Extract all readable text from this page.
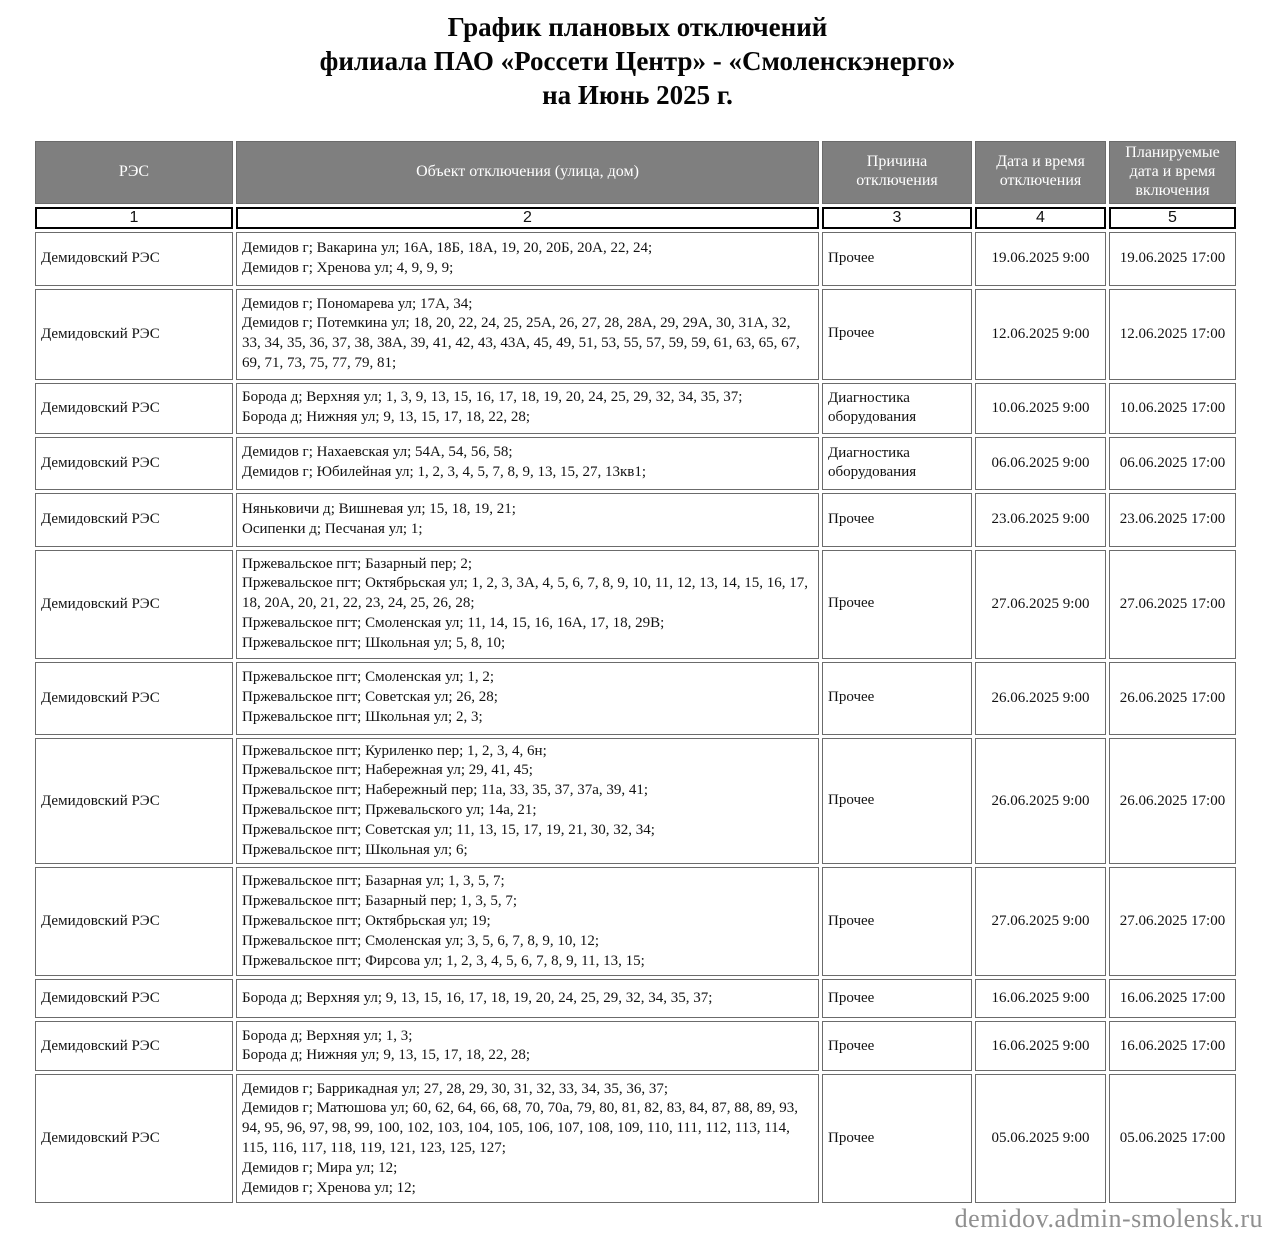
График плановых отключений
филиала ПАО «Россети Центр» - «Смоленскэнерго»
на Июнь 2025 г.
РЭС	Объект отключения (улица, дом)	Причина отключения	Дата и время отключения	Планируемые дата и время включения
1	2	3	4	5
Демидовский РЭС	Демидов г; Вакарина ул; 16А, 18Б, 18А, 19, 20, 20Б, 20А, 22, 24;
Демидов г; Хренова ул; 4, 9, 9, 9;	Прочее	19.06.2025 9:00	19.06.2025 17:00
Демидовский РЭС	Демидов г; Пономарева ул; 17А, 34;
Демидов г; Потемкина ул; 18, 20, 22, 24, 25, 25А, 26, 27, 28, 28А, 29, 29А, 30, 31А, 32, 33, 34, 35, 36, 37, 38, 38А, 39, 41, 42, 43, 43А, 45, 49, 51, 53, 55, 57, 59, 59, 61, 63, 65, 67, 69, 71, 73, 75, 77, 79, 81;	Прочее	12.06.2025 9:00	12.06.2025 17:00
Демидовский РЭС	Борода д; Верхняя ул; 1, 3, 9, 13, 15, 16, 17, 18, 19, 20, 24, 25, 29, 32, 34, 35, 37;
Борода д; Нижняя ул; 9, 13, 15, 17, 18, 22, 28;	Диагностика оборудования	10.06.2025 9:00	10.06.2025 17:00
Демидовский РЭС	Демидов г; Нахаевская ул; 54А, 54, 56, 58;
Демидов г; Юбилейная ул; 1, 2, 3, 4, 5, 7, 8, 9, 13, 15, 27, 13кв1;	Диагностика оборудования	06.06.2025 9:00	06.06.2025 17:00
Демидовский РЭС	Няньковичи д; Вишневая ул; 15, 18, 19, 21;
Осипенки д; Песчаная ул; 1;	Прочее	23.06.2025 9:00	23.06.2025 17:00
Демидовский РЭС	Пржевальское пгт; Базарный пер; 2;
Пржевальское пгт; Октябрьская ул; 1, 2, 3, 3А, 4, 5, 6, 7, 8, 9, 10, 11, 12, 13, 14, 15, 16, 17, 18, 20А, 20, 21, 22, 23, 24, 25, 26, 28;
Пржевальское пгт; Смоленская ул; 11, 14, 15, 16, 16А, 17, 18, 29В;
Пржевальское пгт; Школьная ул; 5, 8, 10;	Прочее	27.06.2025 9:00	27.06.2025 17:00
Демидовский РЭС	Пржевальское пгт; Смоленская ул; 1, 2;
Пржевальское пгт; Советская ул; 26, 28;
Пржевальское пгт; Школьная ул; 2, 3;	Прочее	26.06.2025 9:00	26.06.2025 17:00
Демидовский РЭС	
Пржевальское пгт; Куриленко пер; 1, 2, 3, 4, 6н;
Пржевальское пгт; Набережная ул; 29, 41, 45;
Пржевальское пгт; Набережный пер; 11а, 33, 35, 37, 37а, 39, 41;
Пржевальское пгт; Пржевальского ул; 14а, 21;
Пржевальское пгт; Советская ул; 11, 13, 15, 17, 19, 21, 30, 32, 34;
Пржевальское пгт; Школьная ул; 6;
	Прочее	26.06.2025 9:00	26.06.2025 17:00
Демидовский РЭС	Пржевальское пгт; Базарная ул; 1, 3, 5, 7;
Пржевальское пгт; Базарный пер; 1, 3, 5, 7;
Пржевальское пгт; Октябрьская ул; 19;
Пржевальское пгт; Смоленская ул; 3, 5, 6, 7, 8, 9, 10, 12;
Пржевальское пгт; Фирсова ул; 1, 2, 3, 4, 5, 6, 7, 8, 9, 11, 13, 15;	Прочее	27.06.2025 9:00	27.06.2025 17:00
Демидовский РЭС	Борода д; Верхняя ул; 9, 13, 15, 16, 17, 18, 19, 20, 24, 25, 29, 32, 34, 35, 37;	Прочее	16.06.2025 9:00	16.06.2025 17:00
Демидовский РЭС	Борода д; Верхняя ул; 1, 3;
Борода д; Нижняя ул; 9, 13, 15, 17, 18, 22, 28;	Прочее	16.06.2025 9:00	16.06.2025 17:00
Демидовский РЭС	Демидов г; Баррикадная ул; 27, 28, 29, 30, 31, 32, 33, 34, 35, 36, 37;
Демидов г; Матюшова ул; 60, 62, 64, 66, 68, 70, 70а, 79, 80, 81, 82, 83, 84, 87, 88, 89, 93, 94, 95, 96, 97, 98, 99, 100, 102, 103, 104, 105, 106, 107, 108, 109, 110, 111, 112, 113, 114, 115, 116, 117, 118, 119, 121, 123, 125, 127;
Демидов г; Мира ул; 12;
Демидов г; Хренова ул; 12;	Прочее	05.06.2025 9:00	05.06.2025 17:00
demidov.admin-smolensk.ru
